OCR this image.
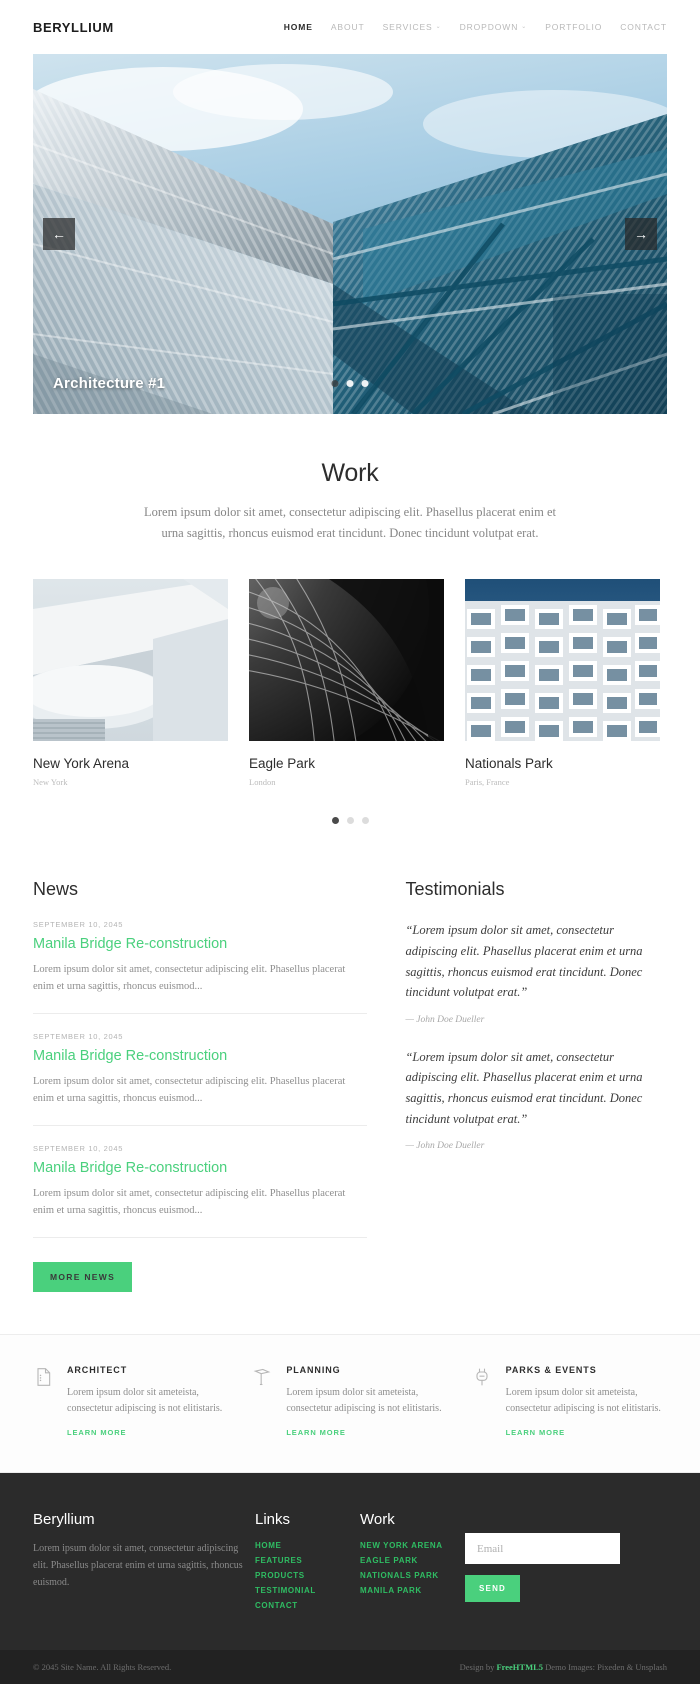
BERYLLIUM	HOME ABOUT SERVICES ⌄ DROPDOWN ⌄ PORTFOLIO CONTACT
←	→
Architecture #1
Work

Lorem ipsum dolor sit amet, consectetur adipiscing elit. Phasellus placerat enim et urna sagittis, rhoncus euismod erat tincidunt. Donec tincidunt volutpat erat.

New York Arena
New York
Eagle Park
London
Nationals Park
Paris, France
News
SEPTEMBER 10, 2045
Manila Bridge Re-construction

Lorem ipsum dolor sit amet, consectetur adipiscing elit. Phasellus placerat enim et urna sagittis, rhoncus euismod...

SEPTEMBER 10, 2045
Manila Bridge Re-construction

Lorem ipsum dolor sit amet, consectetur adipiscing elit. Phasellus placerat enim et urna sagittis, rhoncus euismod...

SEPTEMBER 10, 2045
Manila Bridge Re-construction

Lorem ipsum dolor sit amet, consectetur adipiscing elit. Phasellus placerat enim et urna sagittis, rhoncus euismod...

MORE NEWS
Testimonials

“Lorem ipsum dolor sit amet, consectetur adipiscing elit. Phasellus placerat enim et urna sagittis, rhoncus euismod erat tincidunt. Donec tincidunt volutpat erat.”

— John Doe Dueller

“Lorem ipsum dolor sit amet, consectetur adipiscing elit. Phasellus placerat enim et urna sagittis, rhoncus euismod erat tincidunt. Donec tincidunt volutpat erat.”

— John Doe Dueller
ARCHITECT

Lorem ipsum dolor sit ameteista, consectetur adipiscing is not elitistaris.

LEARN MORE
PLANNING

Lorem ipsum dolor sit ameteista, consectetur adipiscing is not elitistaris.

LEARN MORE
PARKS & EVENTS

Lorem ipsum dolor sit ameteista, consectetur adipiscing is not elitistaris.

LEARN MORE
Beryllium

Lorem ipsum dolor sit amet, consectetur adipiscing elit. Phasellus placerat enim et urna sagittis, rhoncus euismod.

Links
HOME
FEATURES
PRODUCTS
TESTIMONIAL
CONTACT
Work
NEW YORK ARENA
EAGLE PARK
NATIONALS PARK
MANILA PARK
Email	SEND
© 2045 Site Name. All Rights Reserved.	Design by FreeHTML5 Demo Images: Pixeden & Unsplash
